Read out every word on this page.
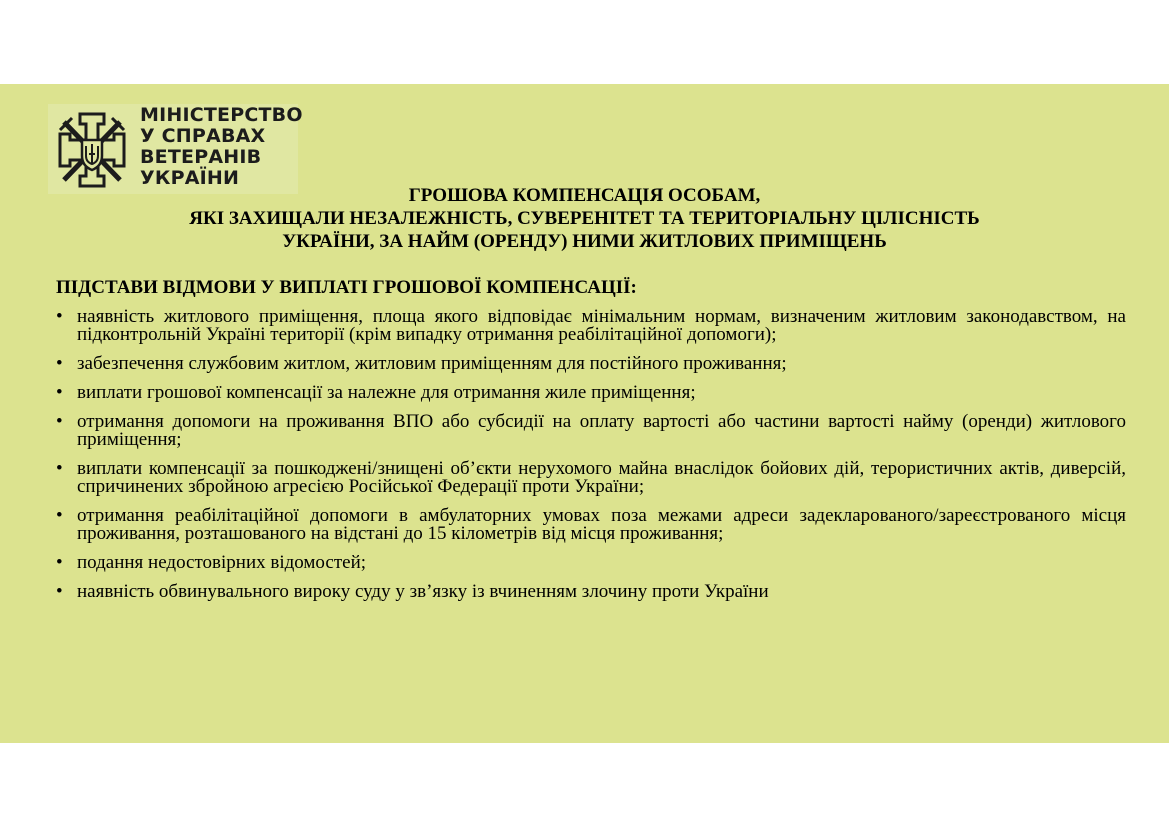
МІНІСТЕРСТВО
У СПРАВАХ
ВЕТЕРАНІВ
УКРАЇНИ
ГРОШОВА КОМПЕНСАЦІЯ ОСОБАМ,
ЯКІ ЗАХИЩАЛИ НЕЗАЛЕЖНІСТЬ, СУВЕРЕНІТЕТ ТА ТЕРИТОРІАЛЬНУ ЦІЛІСНІСТЬ
УКРАЇНИ, ЗА НАЙМ (ОРЕНДУ) НИМИ ЖИТЛОВИХ ПРИМІЩЕНЬ
ПІДСТАВИ ВІДМОВИ У ВИПЛАТІ ГРОШОВОЇ КОМПЕНСАЦІЇ:
• наявність житлового приміщення, площа якого відповідає мінімальним нормам, визначеним житловим законодавством, на підконтрольній Україні території (крім випадку отримання реабілітаційної допомоги);
• забезпечення службовим житлом, житловим приміщенням для постійного проживання;
• виплати грошової компенсації за належне для отримання жиле приміщення;
• отримання допомоги на проживання ВПО або субсидії на оплату вартості або частини вартості найму (оренди) житлового приміщення;
• виплати компенсації за пошкоджені/знищені об’єкти нерухомого майна внаслідок бойових дій, терористичних актів, диверсій, спричинених збройною агресією Російської Федерації проти України;
• отримання реабілітаційної допомоги в амбулаторних умовах поза межами адреси задекларованого/зареєстрованого місця проживання, розташованого на відстані до 15 кілометрів від місця проживання;
• подання недостовірних відомостей;
• наявність обвинувального вироку суду у зв’язку із вчиненням злочину проти України
